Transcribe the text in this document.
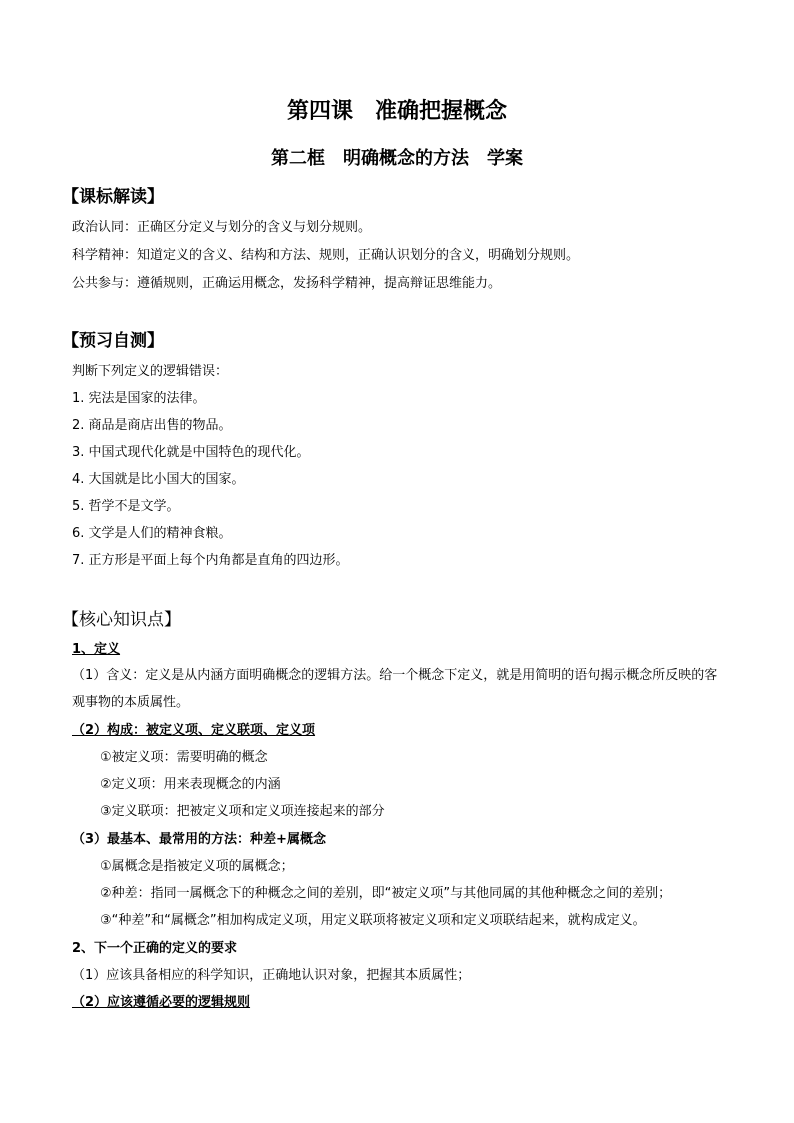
第四课　准确把握概念
第二框　明确概念的方法　学案
【课标解读】
政治认同：正确区分定义与划分的含义与划分规则。
科学精神：知道定义的含义、结构和方法、规则，正确认识划分的含义，明确划分规则。
公共参与：遵循规则，正确运用概念，发扬科学精神，提高辩证思维能力。
【预习自测】
判断下列定义的逻辑错误：
1. 宪法是国家的法律。
2. 商品是商店出售的物品。
3. 中国式现代化就是中国特色的现代化。
4. 大国就是比小国大的国家。
5. 哲学不是文学。
6. 文学是人们的精神食粮。
7. 正方形是平面上每个内角都是直角的四边形。
【核心知识点】
1、定义
（1）含义：定义是从内涵方面明确概念的逻辑方法。给一个概念下定义，就是用简明的语句揭示概念所反映的客观事物的本质属性。
（2）构成：被定义项、定义联项、定义项
①被定义项：需要明确的概念
②定义项：用来表现概念的内涵
③定义联项：把被定义项和定义项连接起来的部分
（3）最基本、最常用的方法：种差+属概念
①属概念是指被定义项的属概念；
②种差：指同一属概念下的种概念之间的差别，即“被定义项”与其他同属的其他种概念之间的差别；
③“种差”和“属概念”相加构成定义项，用定义联项将被定义项和定义项联结起来，就构成定义。
2、下一个正确的定义的要求
（1）应该具备相应的科学知识，正确地认识对象，把握其本质属性；
（2）应该遵循必要的逻辑规则
